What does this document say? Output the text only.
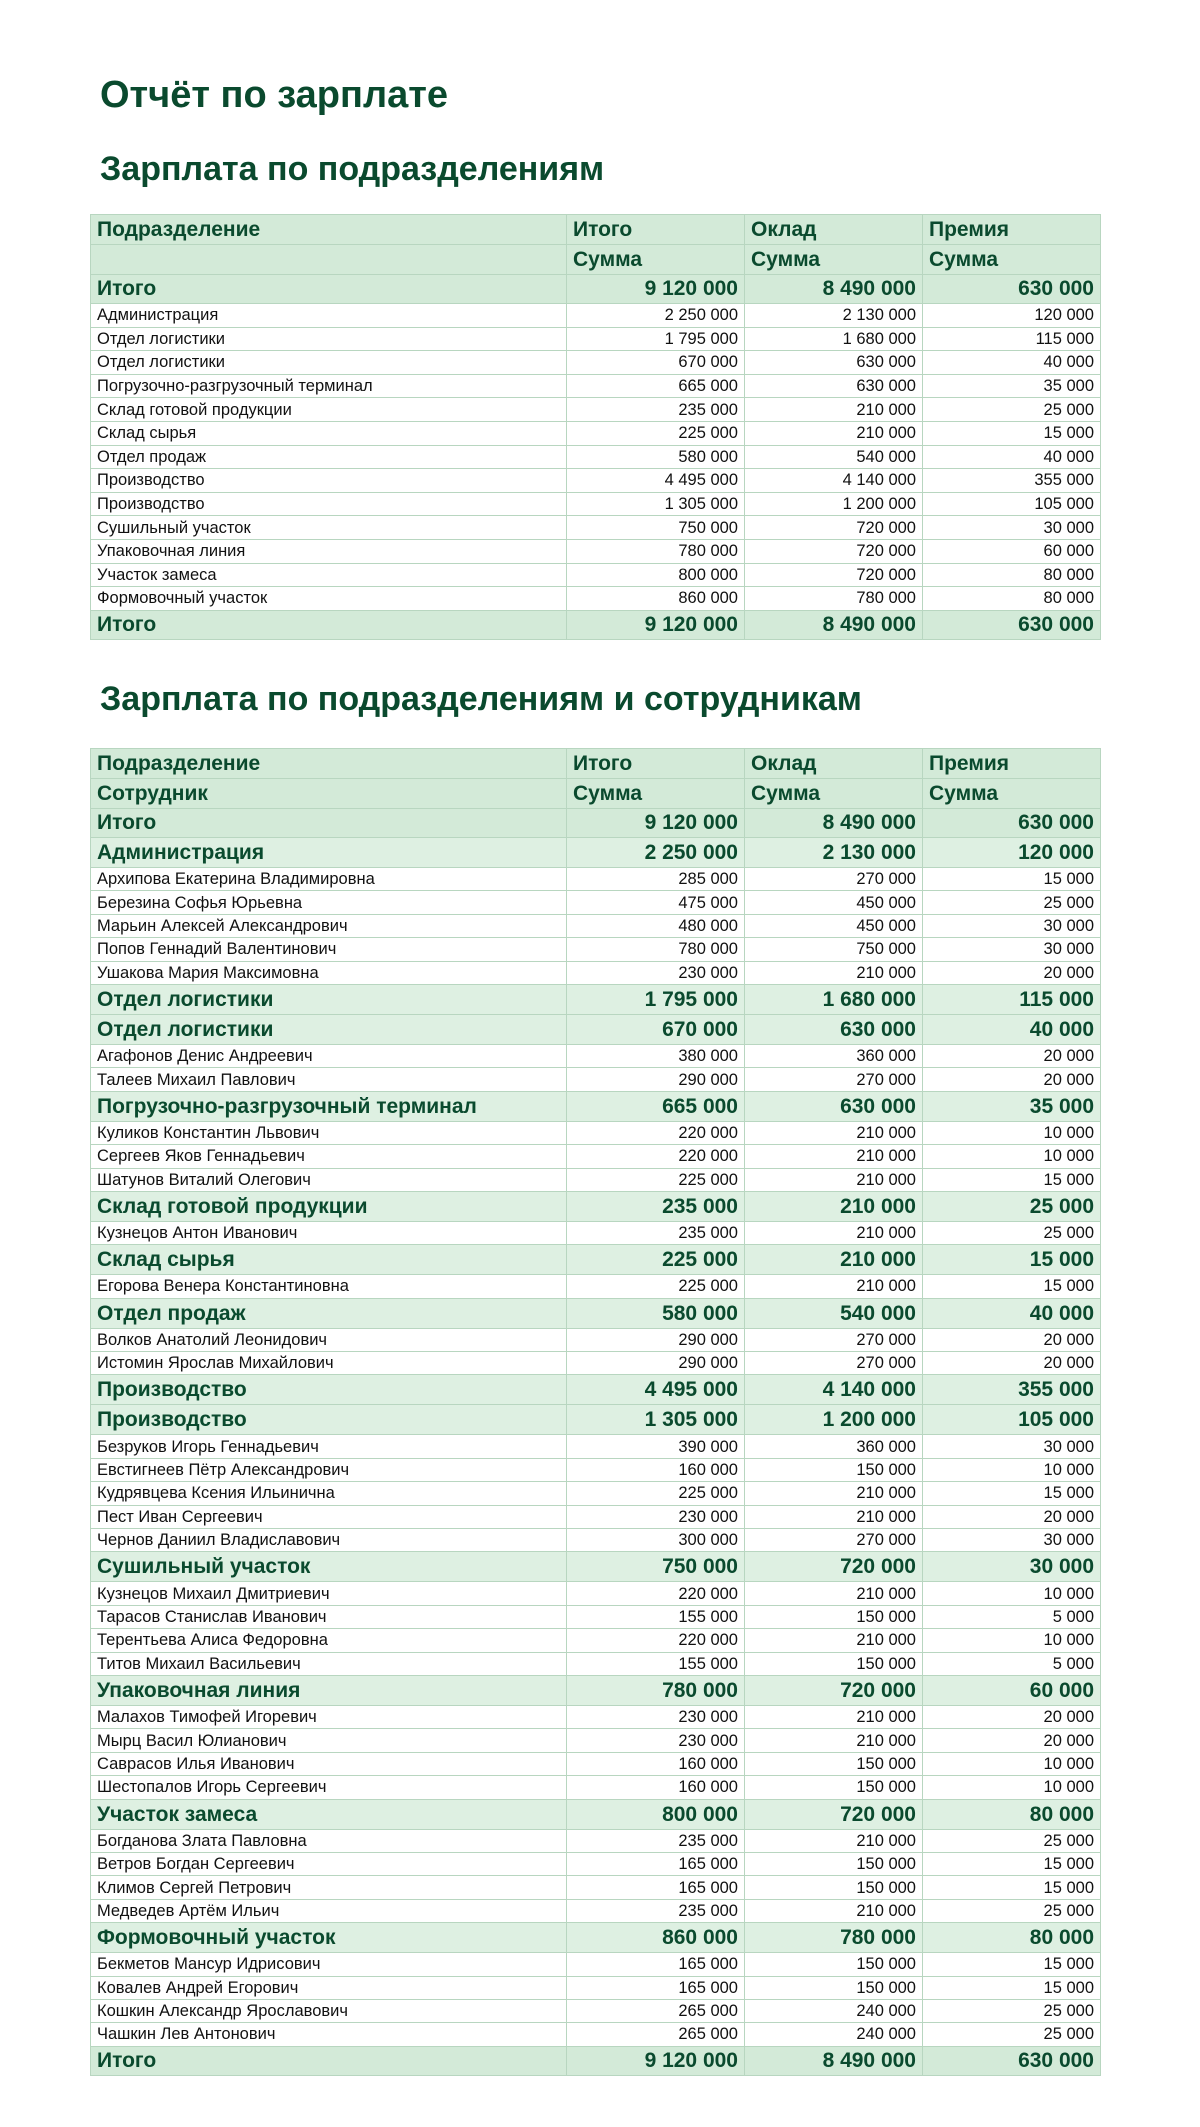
Отчёт по зарплате
Зарплата по подразделениям
Подразделение	Итого	Оклад	Премия
	Сумма	Сумма	Сумма
Итого	9 120 000	8 490 000	630 000
Администрация	2 250 000	2 130 000	120 000
Отдел логистики	1 795 000	1 680 000	115 000
Отдел логистики	670 000	630 000	40 000
Погрузочно-разгрузочный терминал	665 000	630 000	35 000
Склад готовой продукции	235 000	210 000	25 000
Склад сырья	225 000	210 000	15 000
Отдел продаж	580 000	540 000	40 000
Производство	4 495 000	4 140 000	355 000
Производство	1 305 000	1 200 000	105 000
Сушильный участок	750 000	720 000	30 000
Упаковочная линия	780 000	720 000	60 000
Участок замеса	800 000	720 000	80 000
Формовочный участок	860 000	780 000	80 000
Итого	9 120 000	8 490 000	630 000
Зарплата по подразделениям и сотрудникам
Подразделение	Итого	Оклад	Премия
Сотрудник	Сумма	Сумма	Сумма
Итого	9 120 000	8 490 000	630 000
Администрация	2 250 000	2 130 000	120 000
Архипова Екатерина Владимировна	285 000	270 000	15 000
Березина Софья Юрьевна	475 000	450 000	25 000
Марьин Алексей Александрович	480 000	450 000	30 000
Попов Геннадий Валентинович	780 000	750 000	30 000
Ушакова Мария Максимовна	230 000	210 000	20 000
Отдел логистики	1 795 000	1 680 000	115 000
Отдел логистики	670 000	630 000	40 000
Агафонов Денис Андреевич	380 000	360 000	20 000
Талеев Михаил Павлович	290 000	270 000	20 000
Погрузочно-разгрузочный терминал	665 000	630 000	35 000
Куликов Константин Львович	220 000	210 000	10 000
Сергеев Яков Геннадьевич	220 000	210 000	10 000
Шатунов Виталий Олегович	225 000	210 000	15 000
Склад готовой продукции	235 000	210 000	25 000
Кузнецов Антон Иванович	235 000	210 000	25 000
Склад сырья	225 000	210 000	15 000
Егорова Венера Константиновна	225 000	210 000	15 000
Отдел продаж	580 000	540 000	40 000
Волков Анатолий Леонидович	290 000	270 000	20 000
Истомин Ярослав Михайлович	290 000	270 000	20 000
Производство	4 495 000	4 140 000	355 000
Производство	1 305 000	1 200 000	105 000
Безруков Игорь Геннадьевич	390 000	360 000	30 000
Евстигнеев Пётр Александрович	160 000	150 000	10 000
Кудрявцева Ксения Ильинична	225 000	210 000	15 000
Пест Иван Сергеевич	230 000	210 000	20 000
Чернов Даниил Владиславович	300 000	270 000	30 000
Сушильный участок	750 000	720 000	30 000
Кузнецов Михаил Дмитриевич	220 000	210 000	10 000
Тарасов Станислав Иванович	155 000	150 000	5 000
Терентьева Алиса Федоровна	220 000	210 000	10 000
Титов Михаил Васильевич	155 000	150 000	5 000
Упаковочная линия	780 000	720 000	60 000
Малахов Тимофей Игоревич	230 000	210 000	20 000
Мырц Васил Юлианович	230 000	210 000	20 000
Саврасов Илья Иванович	160 000	150 000	10 000
Шестопалов Игорь Сергеевич	160 000	150 000	10 000
Участок замеса	800 000	720 000	80 000
Богданова Злата Павловна	235 000	210 000	25 000
Ветров Богдан Сергеевич	165 000	150 000	15 000
Климов Сергей Петрович	165 000	150 000	15 000
Медведев Артём Ильич	235 000	210 000	25 000
Формовочный участок	860 000	780 000	80 000
Бекметов Мансур Идрисович	165 000	150 000	15 000
Ковалев Андрей Егорович	165 000	150 000	15 000
Кошкин Александр Ярославович	265 000	240 000	25 000
Чашкин Лев Антонович	265 000	240 000	25 000
Итого	9 120 000	8 490 000	630 000
